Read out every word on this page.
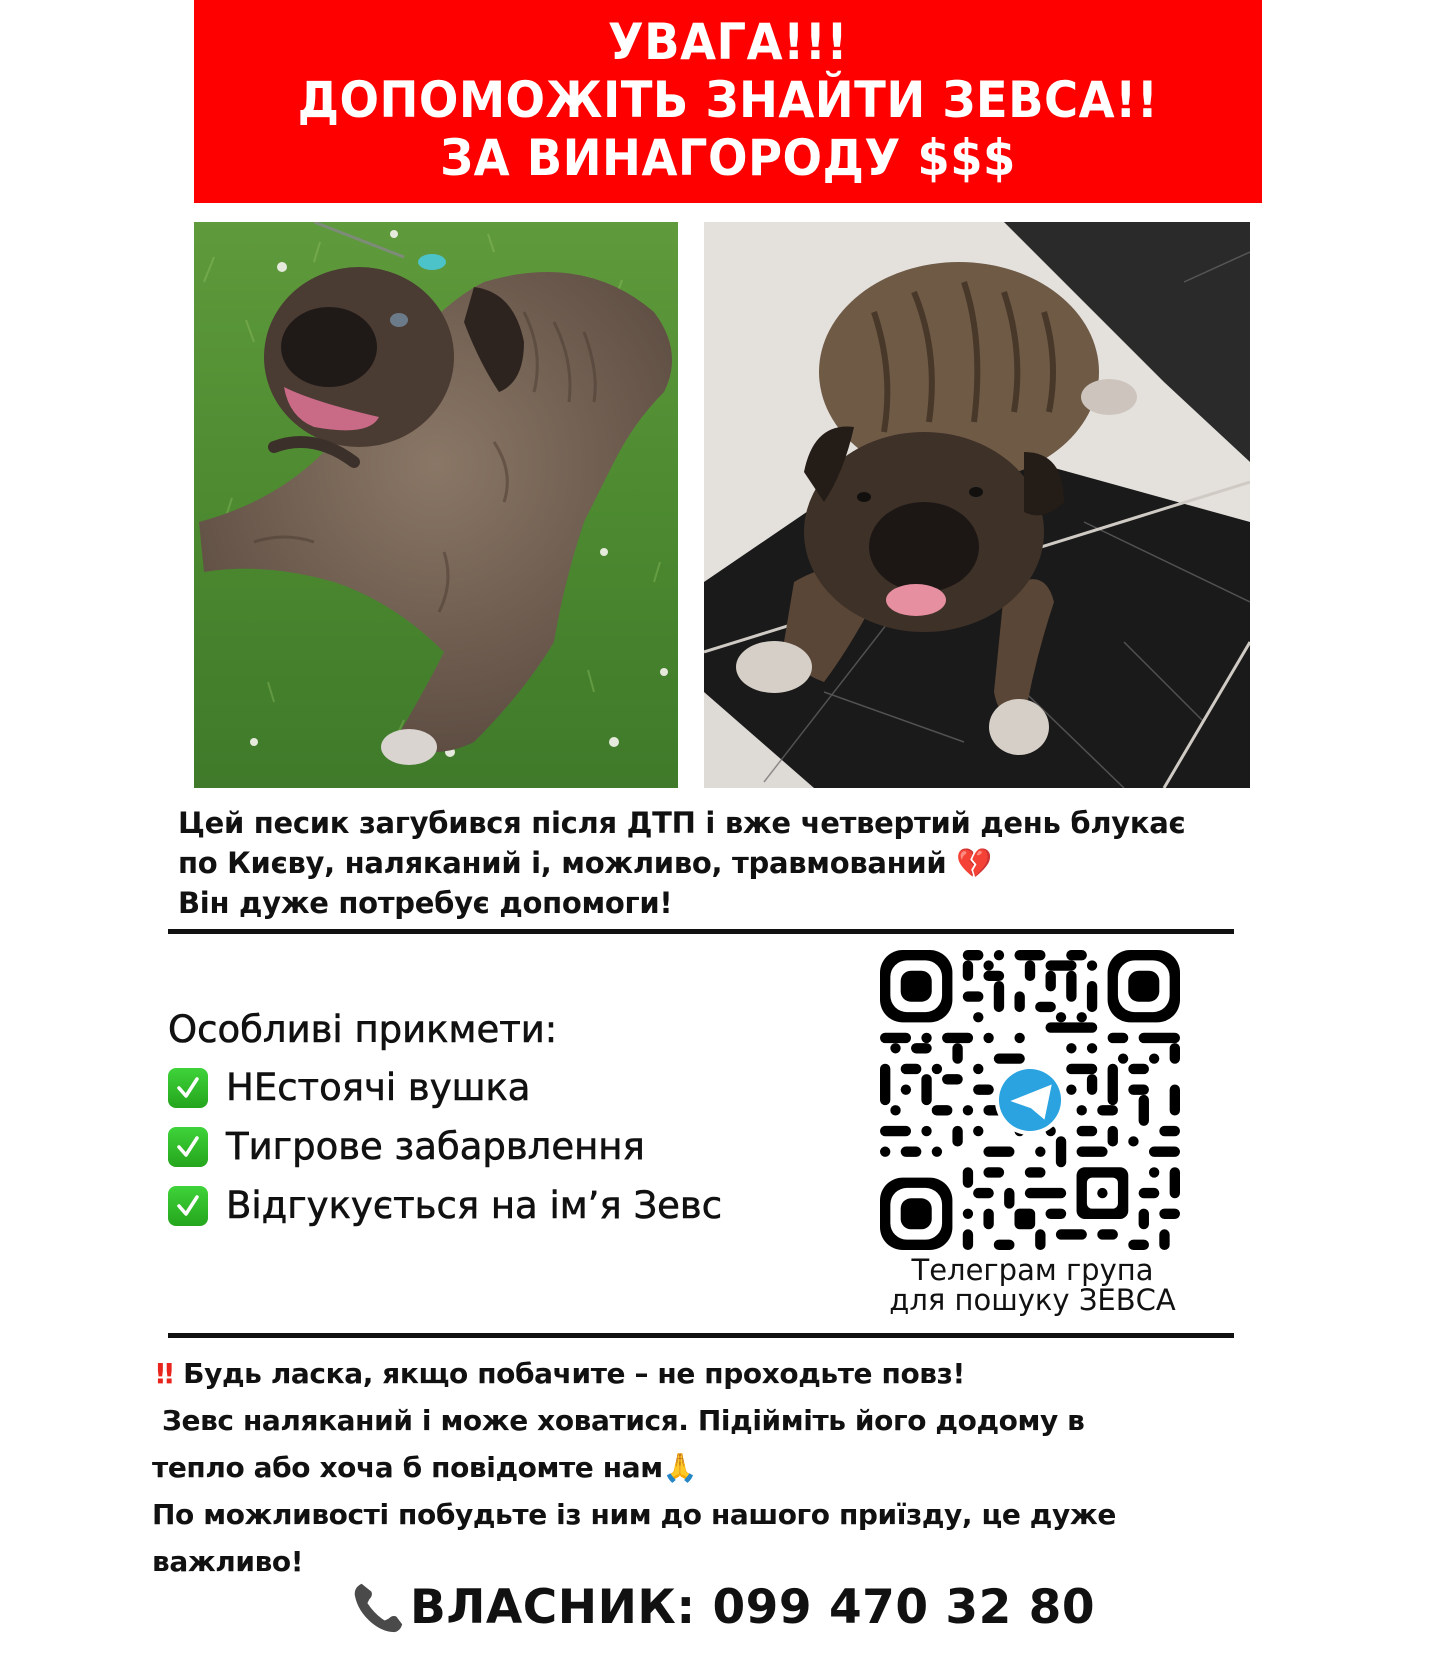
УВАГА!!!
ДОПОМОЖІТЬ ЗНАЙТИ ЗЕВСА!!
ЗА ВИНАГОРОДУ $$$
Цей песик загубився після ДТП і вже четвертий день блукає
по Києву, наляканий і, можливо, травмований 💔
Він дуже потребує допомоги!
Особливі прикмети:
НЕстоячі вушка
Тигрове забарвлення
Відгукується на ім’я Зевс
Телеграм група
для пошуку ЗЕВСА
‼ Будь ласка, якщо побачите – не проходьте повз!
Зевс наляканий і може ховатися. Підійміть його додому в
тепло або хоча б повідомте нам🙏
По можливості побудьте із ним до нашого приїзду, це дуже
важливо!
ВЛАСНИК: 099 470 32 80
